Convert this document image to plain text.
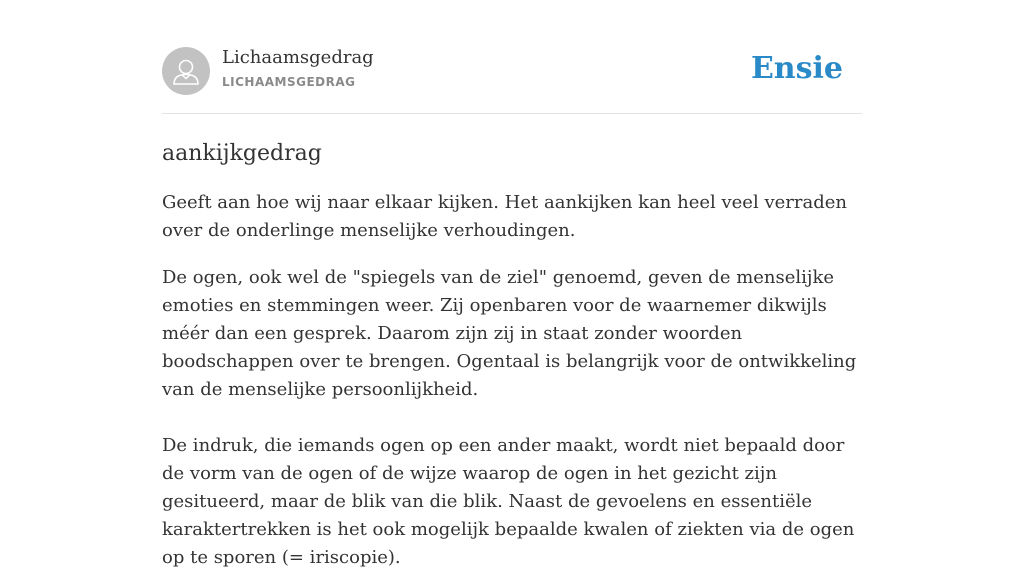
Lichaamsgedrag
LICHAAMSGEDRAG	Ensie
aankijkgedrag

Geeft aan hoe wij naar elkaar kijken. Het aankijken kan heel veel verraden over de onderlinge menselijke verhoudingen.

De ogen, ook wel de "spiegels van de ziel" genoemd, geven de menselijke emoties en stemmingen weer. Zij openbaren voor de waarnemer dikwijls méér dan een gesprek. Daarom zijn zij in staat zonder woorden boodschappen over te brengen. Ogentaal is belangrijk voor de ontwikkeling van de menselijke persoonlijkheid.

De indruk, die iemands ogen op een ander maakt, wordt niet bepaald door de vorm van de ogen of de wijze waarop de ogen in het gezicht zijn gesitueerd, maar de blik van die blik. Naast de gevoelens en essentiële karaktertrekken is het ook mogelijk bepaalde kwalen of ziekten via de ogen op te sporen (= iriscopie).
